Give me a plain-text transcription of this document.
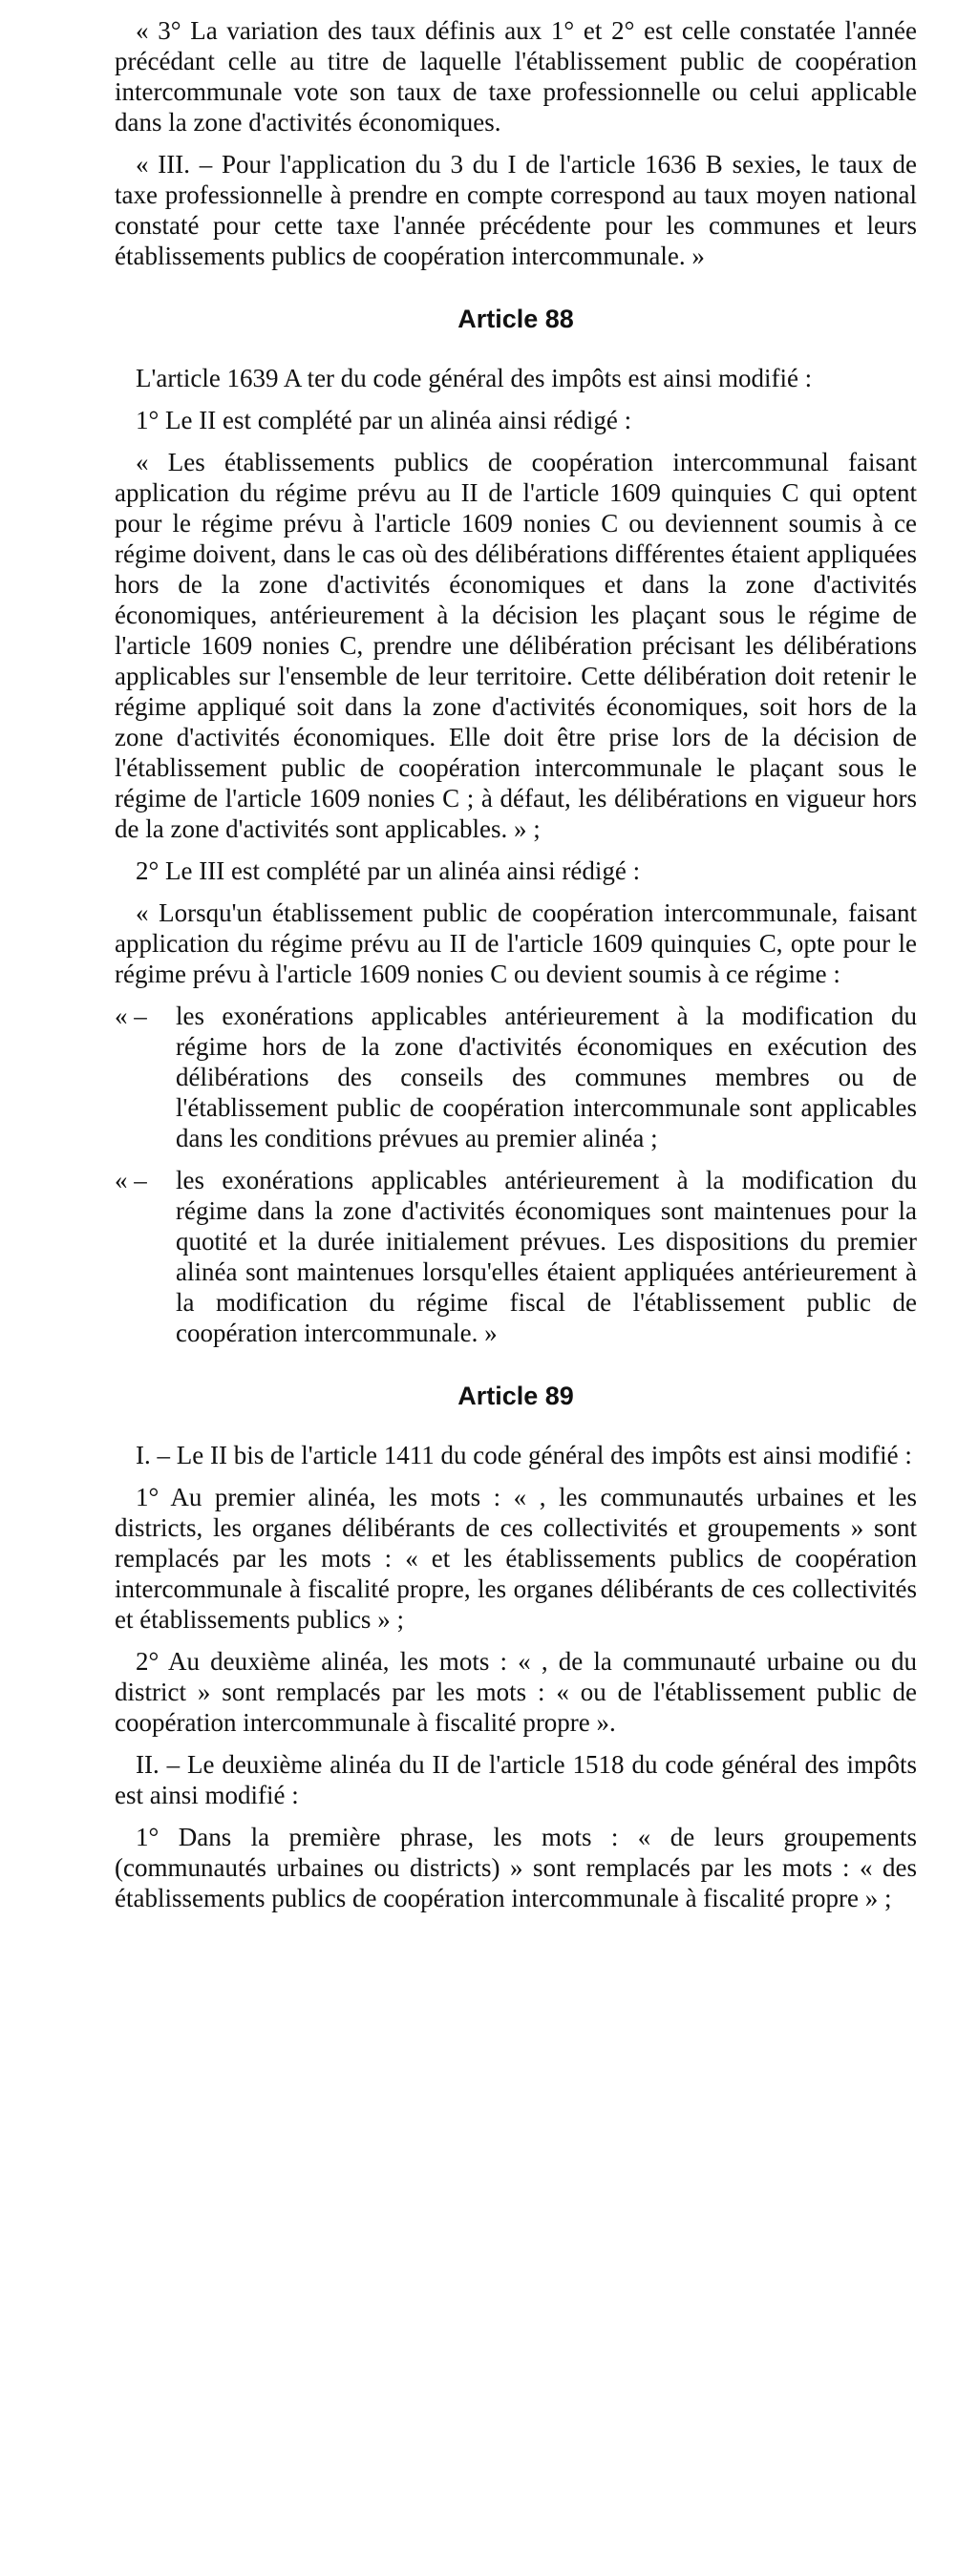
« 3° La variation des taux définis aux 1° et 2° est celle constatée l'année précédant celle au titre de laquelle l'établissement public de coopération intercommunale vote son taux de taxe professionnelle ou celui applicable dans la zone d'activités économiques.

« III. – Pour l'application du 3 du I de l'article 1636 B sexies, le taux de taxe professionnelle à prendre en compte correspond au taux moyen national constaté pour cette taxe l'année précédente pour les communes et leurs établissements publics de coopération intercommunale. »

Article 88

L'article 1639 A ter du code général des impôts est ainsi modifié :

1° Le II est complété par un alinéa ainsi rédigé :

« Les établissements publics de coopération intercommunal faisant application du régime prévu au II de l'article 1609 quinquies C qui optent pour le régime prévu à l'article 1609 nonies C ou deviennent soumis à ce régime doivent, dans le cas où des délibérations différentes étaient appliquées hors de la zone d'activités économiques et dans la zone d'activités économiques, antérieurement à la décision les plaçant sous le régime de l'article 1609 nonies C, prendre une délibération précisant les délibérations applicables sur l'ensemble de leur territoire. Cette délibération doit retenir le régime appliqué soit dans la zone d'activités économiques, soit hors de la zone d'activités économiques. Elle doit être prise lors de la décision de l'établissement public de coopération intercommunale le plaçant sous le régime de l'article 1609 nonies C ; à défaut, les délibérations en vigueur hors de la zone d'activités sont applicables. » ;

2° Le III est complété par un alinéa ainsi rédigé :

« Lorsqu'un établissement public de coopération intercommunale, faisant application du régime prévu au II de l'article 1609 quinquies C, opte pour le régime prévu à l'article 1609 nonies C ou devient soumis à ce régime :

« –	les exonérations applicables antérieurement à la modification du régime hors de la zone d'activités économiques en exécution des délibérations des conseils des communes membres ou de l'établissement public de coopération intercommunale sont applicables dans les conditions prévues au premier alinéa ;
« –	les exonérations applicables antérieurement à la modification du régime dans la zone d'activités économiques sont maintenues pour la quotité et la durée initialement prévues. Les dispositions du premier alinéa sont maintenues lorsqu'elles étaient appliquées antérieurement à la modification du régime fiscal de l'établissement public de coopération intercommunale. »
Article 89

I. – Le II bis de l'article 1411 du code général des impôts est ainsi modifié :

1° Au premier alinéa, les mots : « , les communautés urbaines et les districts, les organes délibérants de ces collectivités et groupements » sont remplacés par les mots : « et les établissements publics de coopération intercommunale à fiscalité propre, les organes délibérants de ces collectivités et établissements publics » ;

2° Au deuxième alinéa, les mots : « , de la communauté urbaine ou du district » sont remplacés par les mots : « ou de l'établissement public de coopération intercommunale à fiscalité propre ».

II. – Le deuxième alinéa du II de l'article 1518 du code général des impôts est ainsi modifié :

1° Dans la première phrase, les mots : « de leurs groupements (communautés urbaines ou districts) » sont remplacés par les mots : « des établissements publics de coopération intercommunale à fiscalité propre » ;
